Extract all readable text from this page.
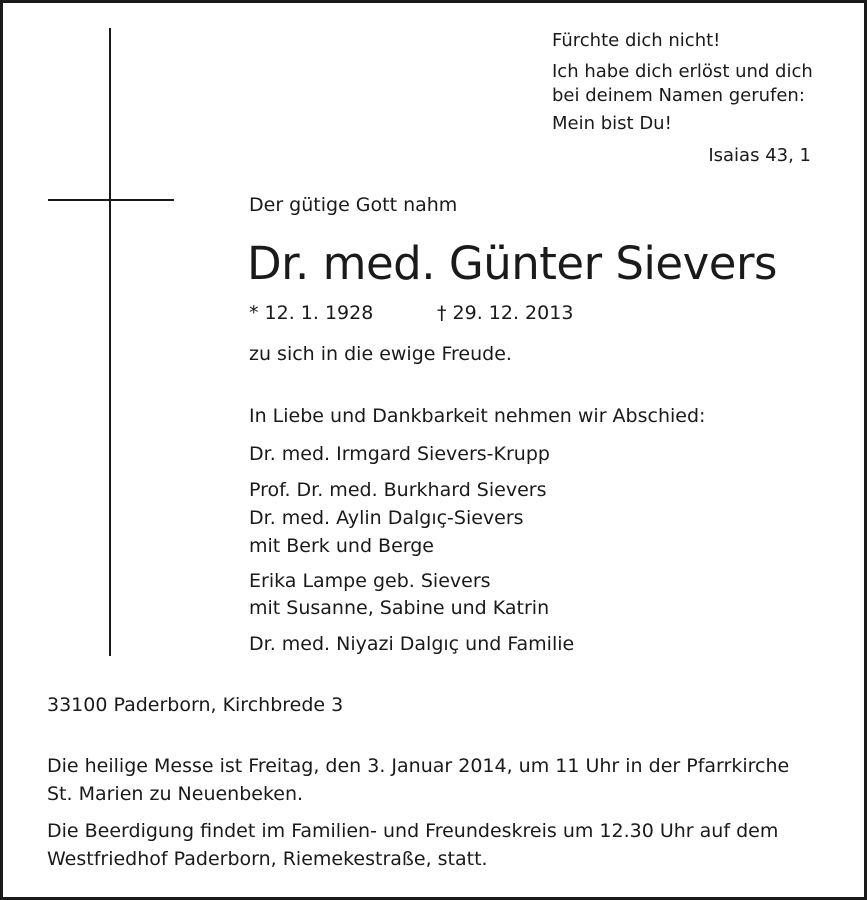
Fürchte dich nicht!
Ich habe dich erlöst und dich
bei deinem Namen gerufen:
Mein bist Du!
Isaias 43, 1
Der gütige Gott nahm
Dr. med. Günter Sievers
* 12. 1. 1928	† 29. 12. 2013
zu sich in die ewige Freude.
In Liebe und Dankbarkeit nehmen wir Abschied:
Dr. med. Irmgard Sievers-Krupp
Prof. Dr. med. Burkhard Sievers
Dr. med. Aylin Dalgıç-Sievers
mit Berk und Berge
Erika Lampe geb. Sievers
mit Susanne, Sabine und Katrin
Dr. med. Niyazi Dalgıç und Familie
33100 Paderborn, Kirchbrede 3
Die heilige Messe ist Freitag, den 3. Januar 2014, um 11 Uhr in der Pfarrkirche
St. Marien zu Neuenbeken.
Die Beerdigung findet im Familien- und Freundeskreis um 12.30 Uhr auf dem
Westfriedhof Paderborn, Riemekestraße, statt.
